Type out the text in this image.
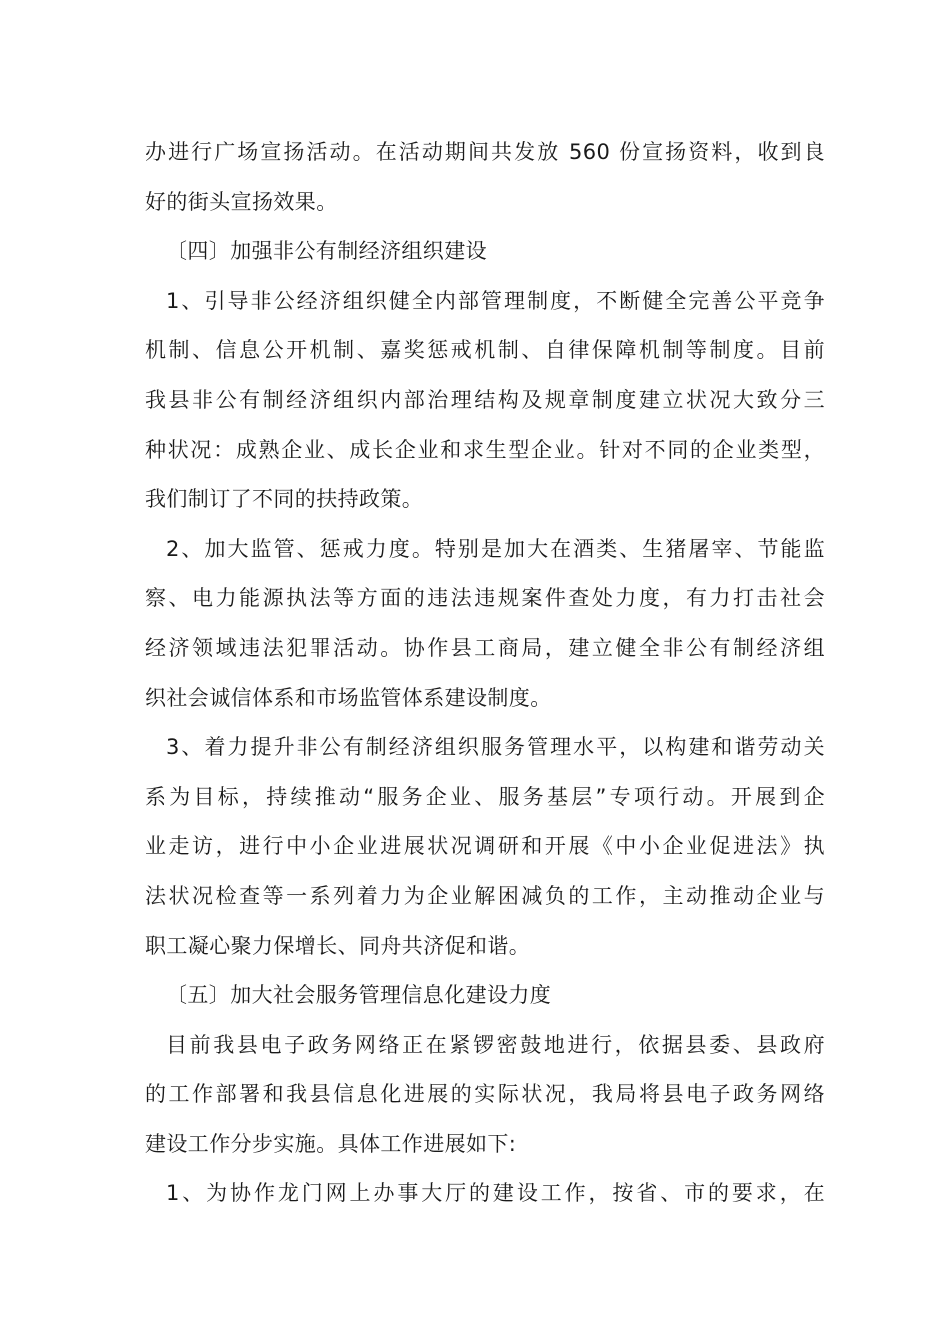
办进行广场宣扬活动。在活动期间共发放 560 份宣扬资料，收到良
好的街头宣扬效果。
〔四〕加强非公有制经济组织建设
1、引导非公经济组织健全内部管理制度，不断健全完善公平竞争
机制、信息公开机制、嘉奖惩戒机制、自律保障机制等制度。目前
我县非公有制经济组织内部治理结构及规章制度建立状况大致分三
种状况：成熟企业、成长企业和求生型企业。针对不同的企业类型，
我们制订了不同的扶持政策。
2、加大监管、惩戒力度。特别是加大在酒类、生猪屠宰、节能监
察、电力能源执法等方面的违法违规案件查处力度，有力打击社会
经济领域违法犯罪活动。协作县工商局，建立健全非公有制经济组
织社会诚信体系和市场监管体系建设制度。
3、着力提升非公有制经济组织服务管理水平，以构建和谐劳动关
系为目标，持续推动“服务企业、服务基层”专项行动。开展到企
业走访，进行中小企业进展状况调研和开展《中小企业促进法》执
法状况检查等一系列着力为企业解困减负的工作，主动推动企业与
职工凝心聚力保增长、同舟共济促和谐。
〔五〕加大社会服务管理信息化建设力度
目前我县电子政务网络正在紧锣密鼓地进行，依据县委、县政府
的工作部署和我县信息化进展的实际状况，我局将县电子政务网络
建设工作分步实施。具体工作进展如下:
1、为协作龙门网上办事大厅的建设工作，按省、市的要求，在
